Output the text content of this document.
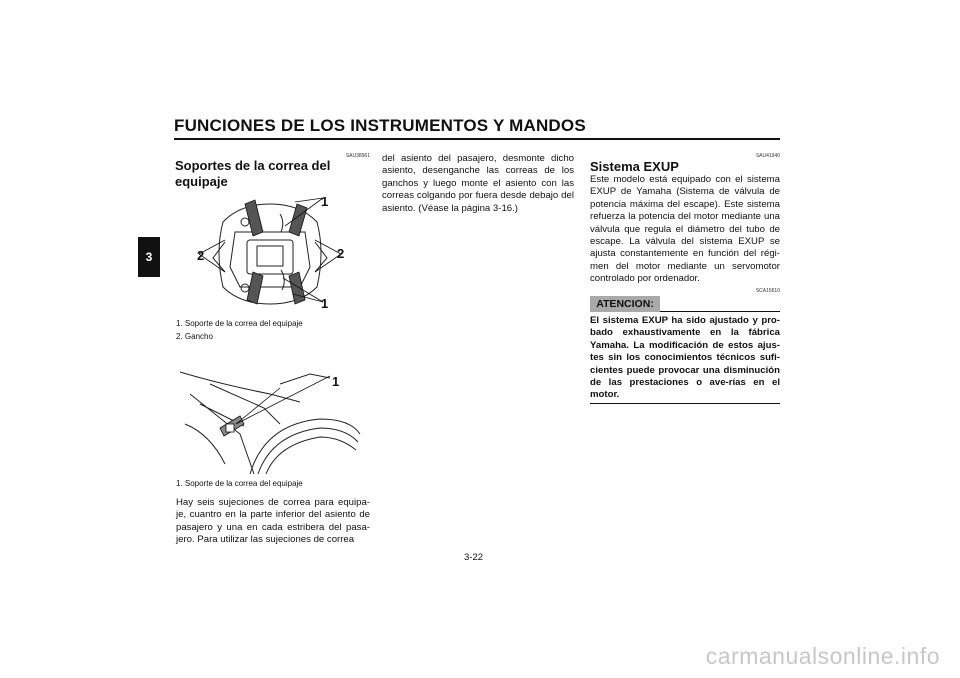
FUNCIONES DE LOS INSTRUMENTOS Y MANDOS
3
SAU38961
Soportes de la correa del
equipaje
1
2	2
1
1. Soporte de la correa del equipaje
2. Gancho
1
1. Soporte de la correa del equipaje
Hay seis sujeciones de correa para equipa-je, cuantro en la parte inferior del asiento de pasajero y una en cada estribera del pasa-jero. Para utilizar las sujeciones de correa
del asiento del pasajero, desmonte dicho asiento, desenganche las correas de los ganchos y luego monte el asiento con las correas colgando por fuera desde debajo del asiento. (Véase la página 3-16.)
SAU41940
Sistema EXUP
Este modelo está equipado con el sistema EXUP de Yamaha (Sistema de válvula de potencia máxima del escape). Este sistema refuerza la potencia del motor mediante una válvula que regula el diámetro del tubo de escape. La válvula del sistema EXUP se ajusta constantemente en función del régi-men del motor mediante un servomotor controlado por ordenador.
SCA15610
ATENCION:
El sistema EXUP ha sido ajustado y pro-bado exhaustivamente en la fábrica Yamaha. La modificación de estos ajus-tes sin los conocimientos técnicos sufi-cientes puede provocar una disminución de las prestaciones o ave-rías en el motor.
3-22
carmanualsonline.info
